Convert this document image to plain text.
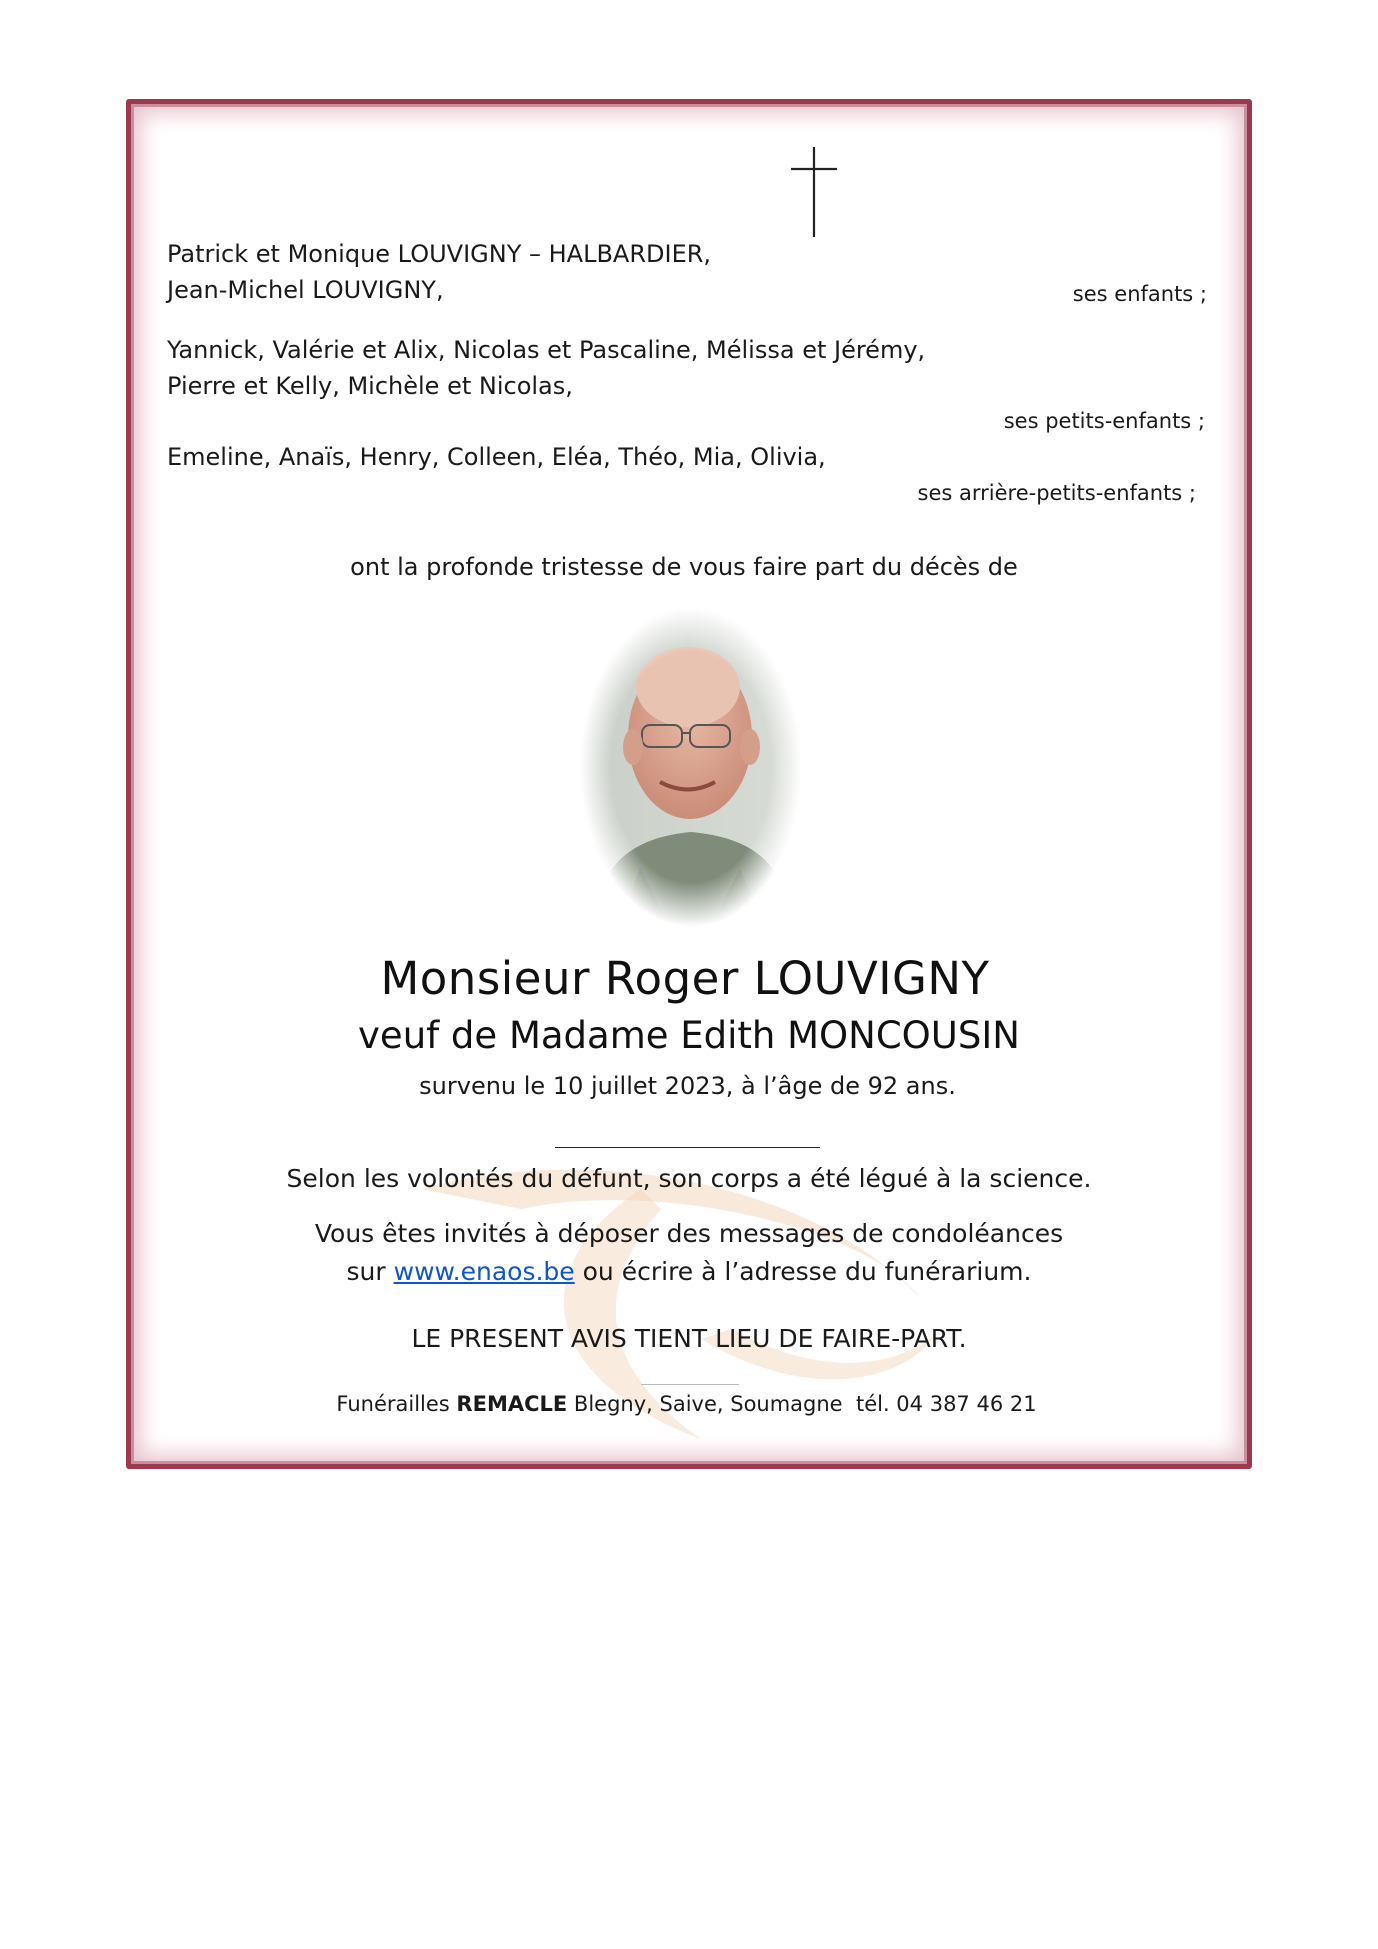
Patrick et Monique LOUVIGNY – HALBARDIER,
Jean-Michel LOUVIGNY,	ses enfants ;
Yannick, Valérie et Alix, Nicolas et Pascaline, Mélissa et Jérémy,
Pierre et Kelly, Michèle et Nicolas,
ses petits-enfants ;
Emeline, Anaïs, Henry, Colleen, Eléa, Théo, Mia, Olivia,
ses arrière-petits-enfants ;
ont la profonde tristesse de vous faire part du décès de
Monsieur Roger LOUVIGNY
veuf de Madame Edith MONCOUSIN
survenu le 10 juillet 2023, à l’âge de 92 ans.
Selon les volontés du défunt, son corps a été légué à la science.
Vous êtes invités à déposer des messages de condoléances
sur www.enaos.be ou écrire à l’adresse du funérarium.
LE PRESENT AVIS TIENT LIEU DE FAIRE-PART.
Funérailles REMACLE Blegny, Saive, Soumagne tél. 04 387 46 21
